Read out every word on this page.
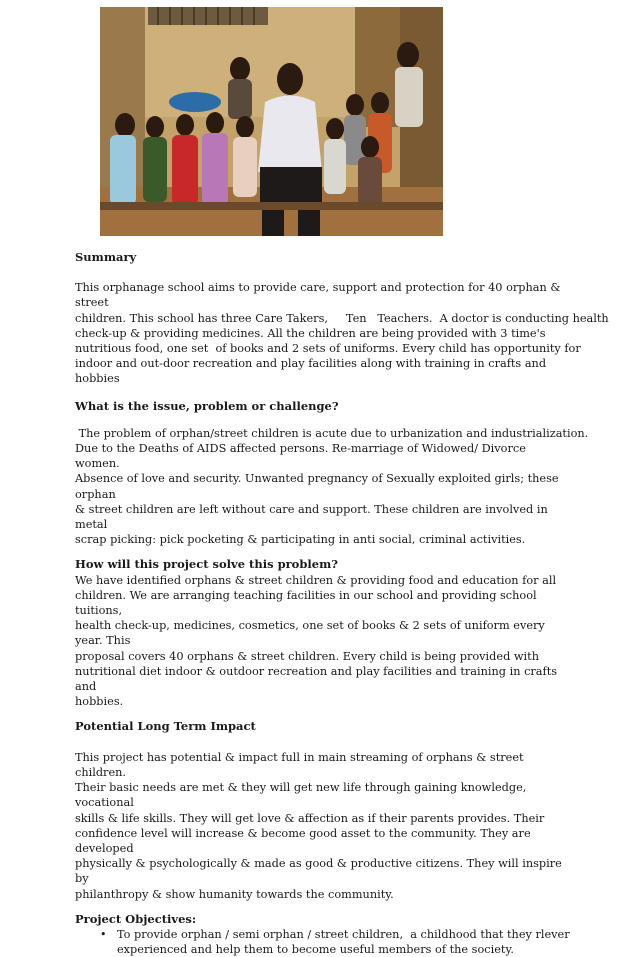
Summary

This orphanage school aims to provide care, support and protection for 40 orphan & street
children. This school has three Care Takers,     Ten   Teachers.  A doctor is conducting health
check-up & providing medicines. All the children are being provided with 3 time's
nutritious food, one set  of books and 2 sets of uniforms. Every child has opportunity for
indoor and out-door recreation and play facilities along with training in crafts and hobbies

What is the issue, problem or challenge?

The problem of orphan/street children is acute due to urbanization and industrialization.
Due to the Deaths of AIDS affected persons. Re-marriage of Widowed/ Divorce women.
Absence of love and security. Unwanted pregnancy of Sexually exploited girls; these orphan
& street children are left without care and support. These children are involved in metal
scrap picking: pick pocketing & participating in anti social, criminal activities.

How will this project solve this problem?

We have identified orphans & street children & providing food and education for all
children. We are arranging teaching facilities in our school and providing school tuitions,
health check-up, medicines, cosmetics, one set of books & 2 sets of uniform every year. This
proposal covers 40 orphans & street children. Every child is being provided with
nutritional diet indoor & outdoor recreation and play facilities and training in crafts and
hobbies.

Potential Long Term Impact

This project has potential & impact full in main streaming of orphans & street children.
Their basic needs are met & they will get new life through gaining knowledge, vocational
skills & life skills. They will get love & affection as if their parents provides. Their
confidence level will increase & become good asset to the community. They are developed
physically & psychologically & made as good & productive citizens. They will inspire by
philanthropy & show humanity towards the community.

Project Objectives:

• To provide orphan / semi orphan / street children,  a childhood that they rlever
experienced and help them to become useful members of the society.
